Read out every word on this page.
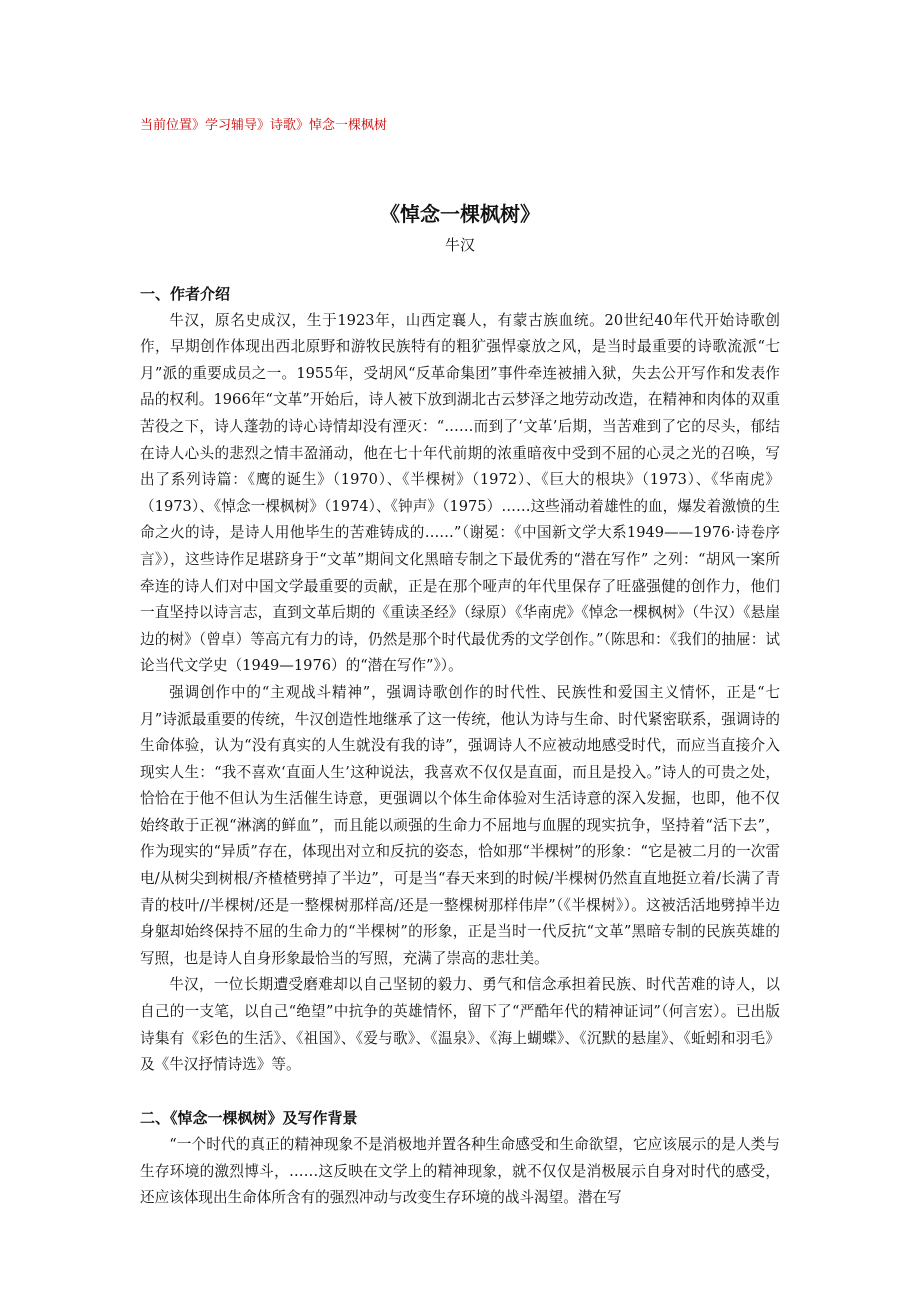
当前位置》学习辅导》诗歌》悼念一棵枫树
《悼念一棵枫树》
牛汉
一、作者介绍

牛汉，原名史成汉，生于1923年，山西定襄人，有蒙古族血统。20世纪40年代开始诗歌创作，早期创作体现出西北原野和游牧民族特有的粗犷强悍豪放之风，是当时最重要的诗歌流派“七月”派的重要成员之一。1955年，受胡风“反革命集团”事件牵连被捕入狱，失去公开写作和发表作品的权利。1966年“文革”开始后，诗人被下放到湖北古云梦泽之地劳动改造，在精神和肉体的双重苦役之下，诗人蓬勃的诗心诗情却没有湮灭：“……而到了‘文革’后期，当苦难到了它的尽头，郁结在诗人心头的悲烈之情丰盈涌动，他在七十年代前期的浓重暗夜中受到不屈的心灵之光的召唤，写出了系列诗篇：《鹰的诞生》（1970）、《半棵树》（1972）、《巨大的根块》（1973）、《华南虎》（1973）、《悼念一棵枫树》（1974）、《钟声》（1975）……这些涌动着雄性的血，爆发着激愤的生命之火的诗，是诗人用他毕生的苦难铸成的……”（谢冕：《中国新文学大系1949——1976·诗卷序言》），这些诗作足堪跻身于“文革”期间文化黑暗专制之下最优秀的“潜在写作” 之列：“胡风一案所牵连的诗人们对中国文学最重要的贡献，正是在那个哑声的年代里保存了旺盛强健的创作力，他们一直坚持以诗言志，直到文革后期的《重读圣经》（绿原）《华南虎》《悼念一棵枫树》（牛汉）《悬崖边的树》（曾卓）等高亢有力的诗，仍然是那个时代最优秀的文学创作。”（陈思和：《我们的抽屉：试论当代文学史（1949—1976）的“潜在写作”》）。

强调创作中的“主观战斗精神”，强调诗歌创作的时代性、民族性和爱国主义情怀，正是“七月”诗派最重要的传统，牛汉创造性地继承了这一传统，他认为诗与生命、时代紧密联系，强调诗的生命体验，认为“没有真实的人生就没有我的诗”，强调诗人不应被动地感受时代，而应当直接介入现实人生：“我不喜欢‘直面人生’这种说法，我喜欢不仅仅是直面，而且是投入。”诗人的可贵之处，恰恰在于他不但认为生活催生诗意，更强调以个体生命体验对生活诗意的深入发掘，也即，他不仅始终敢于正视“淋漓的鲜血”，而且能以顽强的生命力不屈地与血腥的现实抗争，坚持着“活下去”，作为现实的“异质”存在，体现出对立和反抗的姿态，恰如那“半棵树”的形象：“它是被二月的一次雷电/从树尖到树根/齐楂楂劈掉了半边”，可是当“春天来到的时候/半棵树仍然直直地挺立着/长满了青青的枝叶//半棵树/还是一整棵树那样高/还是一整棵树那样伟岸”（《半棵树》）。这被活活地劈掉半边身躯却始终保持不屈的生命力的“半棵树”的形象，正是当时一代反抗“文革”黑暗专制的民族英雄的写照，也是诗人自身形象最恰当的写照，充满了崇高的悲壮美。

牛汉，一位长期遭受磨难却以自己坚韧的毅力、勇气和信念承担着民族、时代苦难的诗人，以自己的一支笔，以自己“绝望”中抗争的英雄情怀，留下了“严酷年代的精神证词”（何言宏）。已出版诗集有《彩色的生活》、《祖国》、《爱与歌》、《温泉》、《海上蝴蝶》、《沉默的悬崖》、《蚯蚓和羽毛》及《牛汉抒情诗选》等。

二、《悼念一棵枫树》及写作背景

“一个时代的真正的精神现象不是消极地并置各种生命感受和生命欲望，它应该展示的是人类与生存环境的激烈博斗，……这反映在文学上的精神现象，就不仅仅是消极展示自身对时代的感受，还应该体现出生命体所含有的强烈冲动与改变生存环境的战斗渴望。潜在写
